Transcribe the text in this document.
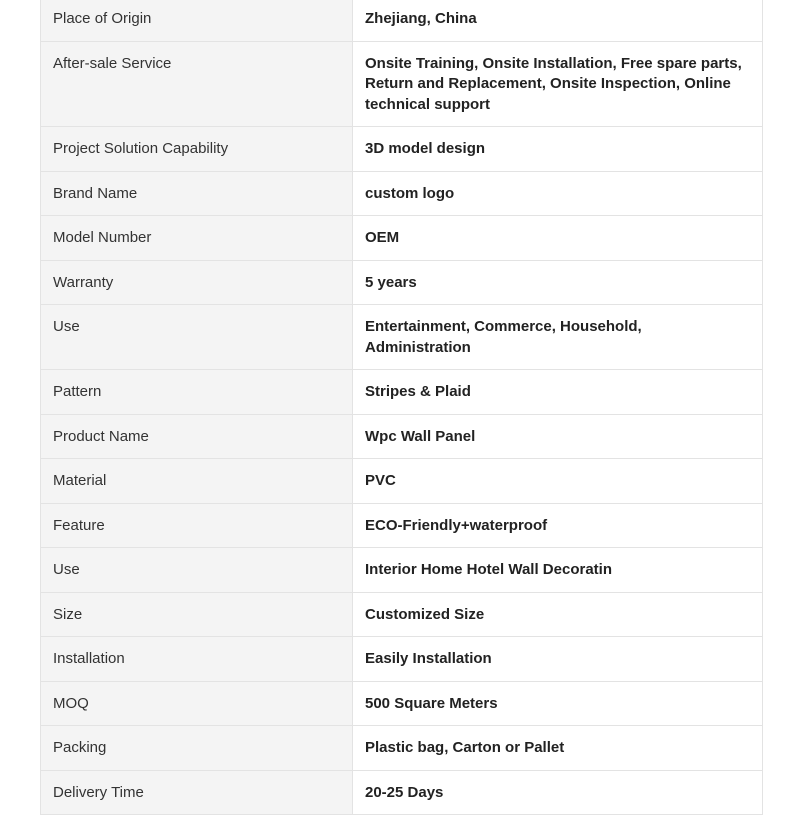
Place of Origin	Zhejiang, China
After-sale Service	Onsite Training, Onsite Installation, Free spare parts, Return and Replacement, Onsite Inspection, Online technical support
Project Solution Capability	3D model design
Brand Name	custom logo
Model Number	OEM
Warranty	5 years
Use	Entertainment, Commerce, Household, Administration
Pattern	Stripes & Plaid
Product Name	Wpc Wall Panel
Material	PVC
Feature	ECO-Friendly+waterproof
Use	Interior Home Hotel Wall Decoratin
Size	Customized Size
Installation	Easily Installation
MOQ	500 Square Meters
Packing	Plastic bag, Carton or Pallet
Delivery Time	20-25 Days
